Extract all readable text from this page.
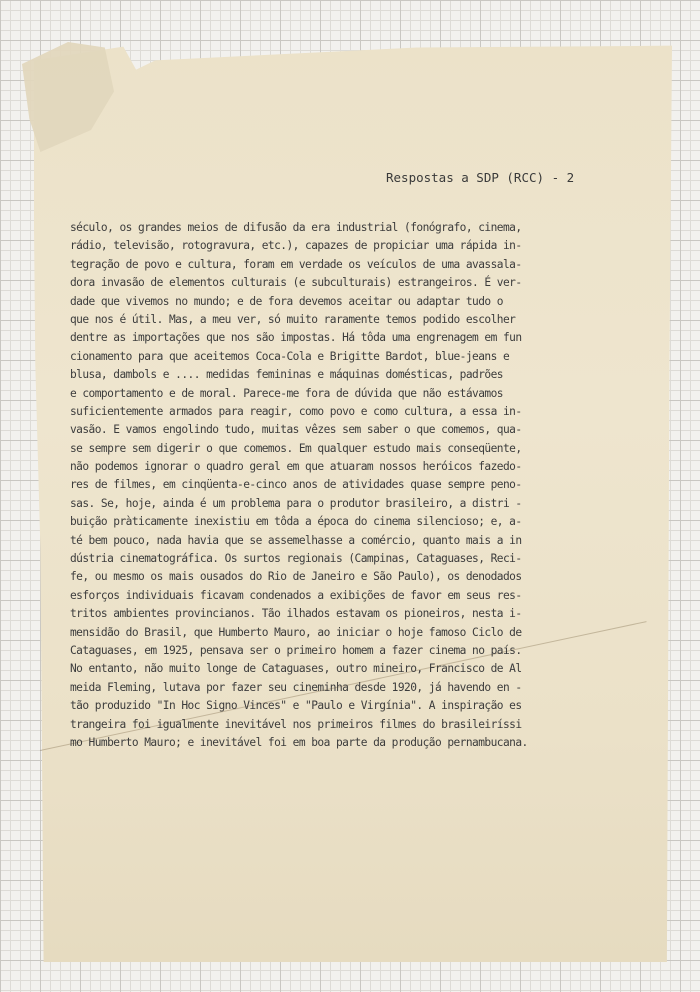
Respostas a SDP (RCC) - 2
século, os grandes meios de difusão da era industrial (fonógrafo, cinema,
rádio, televisão, rotogravura, etc.), capazes de propiciar uma rápida in-
tegração de povo e cultura, foram em verdade os veículos de uma avassala-
dora invasão de elementos culturais (e subculturais) estrangeiros. É ver-
dade que vivemos no mundo; e de fora devemos aceitar ou adaptar tudo o
que nos é útil. Mas, a meu ver, só muito raramente temos podido escolher
dentre as importações que nos são impostas. Há tôda uma engrenagem em fun
cionamento para que aceitemos Coca-Cola e Brigitte Bardot, blue-jeans e
blusa, dambols e .... medidas femininas e máquinas domésticas, padrões
e comportamento e de moral. Parece-me fora de dúvida que não estávamos
suficientemente armados para reagir, como povo e como cultura, a essa in-
vasão. E vamos engolindo tudo, muitas vêzes sem saber o que comemos, qua-
se sempre sem digerir o que comemos. Em qualquer estudo mais conseqüente,
não podemos ignorar o quadro geral em que atuaram nossos heróicos fazedo-
res de filmes, em cinqüenta-e-cinco anos de atividades quase sempre peno-
sas. Se, hoje, ainda é um problema para o produtor brasileiro, a distri -
buição pràticamente inexistiu em tôda a época do cinema silencioso; e, a-
té bem pouco, nada havia que se assemelhasse a comércio, quanto mais a in
dústria cinematográfica. Os surtos regionais (Campinas, Cataguases, Reci-
fe, ou mesmo os mais ousados do Rio de Janeiro e São Paulo), os denodados
esforços individuais ficavam condenados a exibições de favor em seus res-
tritos ambientes provincianos. Tão ilhados estavam os pioneiros, nesta i-
mensidão do Brasil, que Humberto Mauro, ao iniciar o hoje famoso Ciclo de
Cataguases, em 1925, pensava ser o primeiro homem a fazer cinema no país.
No entanto, não muito longe de Cataguases, outro mineiro, Francisco de Al
meida Fleming, lutava por fazer seu cineminha desde 1920, já havendo en -
tão produzido "In Hoc Signo Vinces" e "Paulo e Virgínia". A inspiração es
trangeira foi igualmente inevitável nos primeiros filmes do brasileiríssi
mo Humberto Mauro; e inevitável foi em boa parte da produção pernambucana.
